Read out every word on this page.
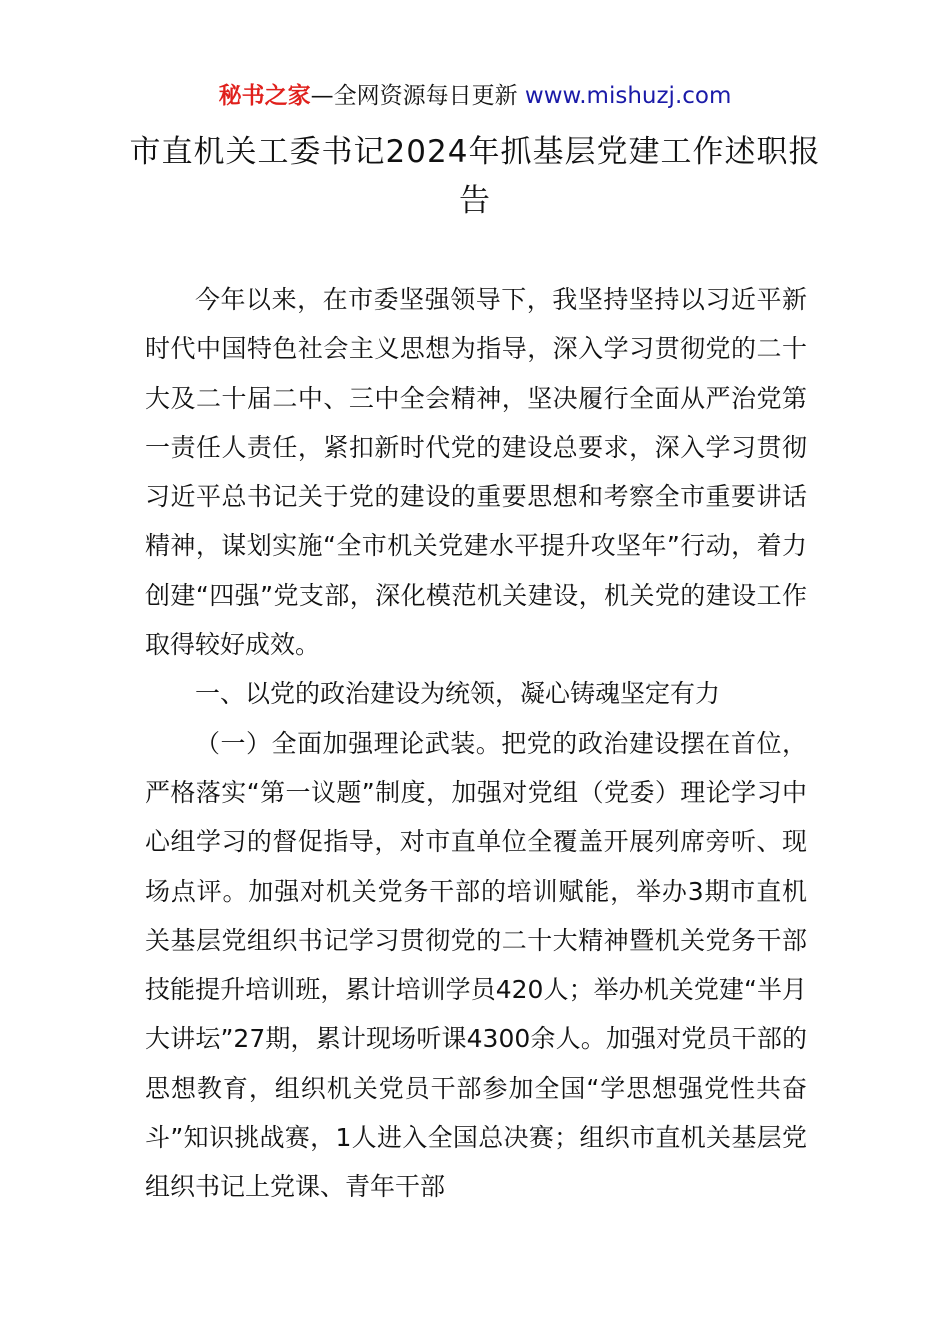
秘书之家—全网资源每日更新 www.mishuzj.com
市直机关工委书记2024年抓基层党建工作述职报告

今年以来，在市委坚强领导下，我坚持坚持以习近平新时代中国特色社会主义思想为指导，深入学习贯彻党的二十大及二十届二中、三中全会精神，坚决履行全面从严治党第一责任人责任，紧扣新时代党的建设总要求，深入学习贯彻习近平总书记关于党的建设的重要思想和考察全市重要讲话精神，谋划实施“全市机关党建水平提升攻坚年”行动，着力创建“四强”党支部，深化模范机关建设，机关党的建设工作取得较好成效。

一、以党的政治建设为统领，凝心铸魂坚定有力

（一）全面加强理论武装。把党的政治建设摆在首位，严格落实“第一议题”制度，加强对党组（党委）理论学习中心组学习的督促指导，对市直单位全覆盖开展列席旁听、现场点评。加强对机关党务干部的培训赋能，举办3期市直机关基层党组织书记学习贯彻党的二十大精神暨机关党务干部技能提升培训班，累计培训学员420人；举办机关党建“半月大讲坛”27期，累计现场听课4300余人。加强对党员干部的思想教育，组织机关党员干部参加全国“学思想强党性共奋斗”知识挑战赛，1人进入全国总决赛；组织市直机关基层党组织书记上党课、青年干部
